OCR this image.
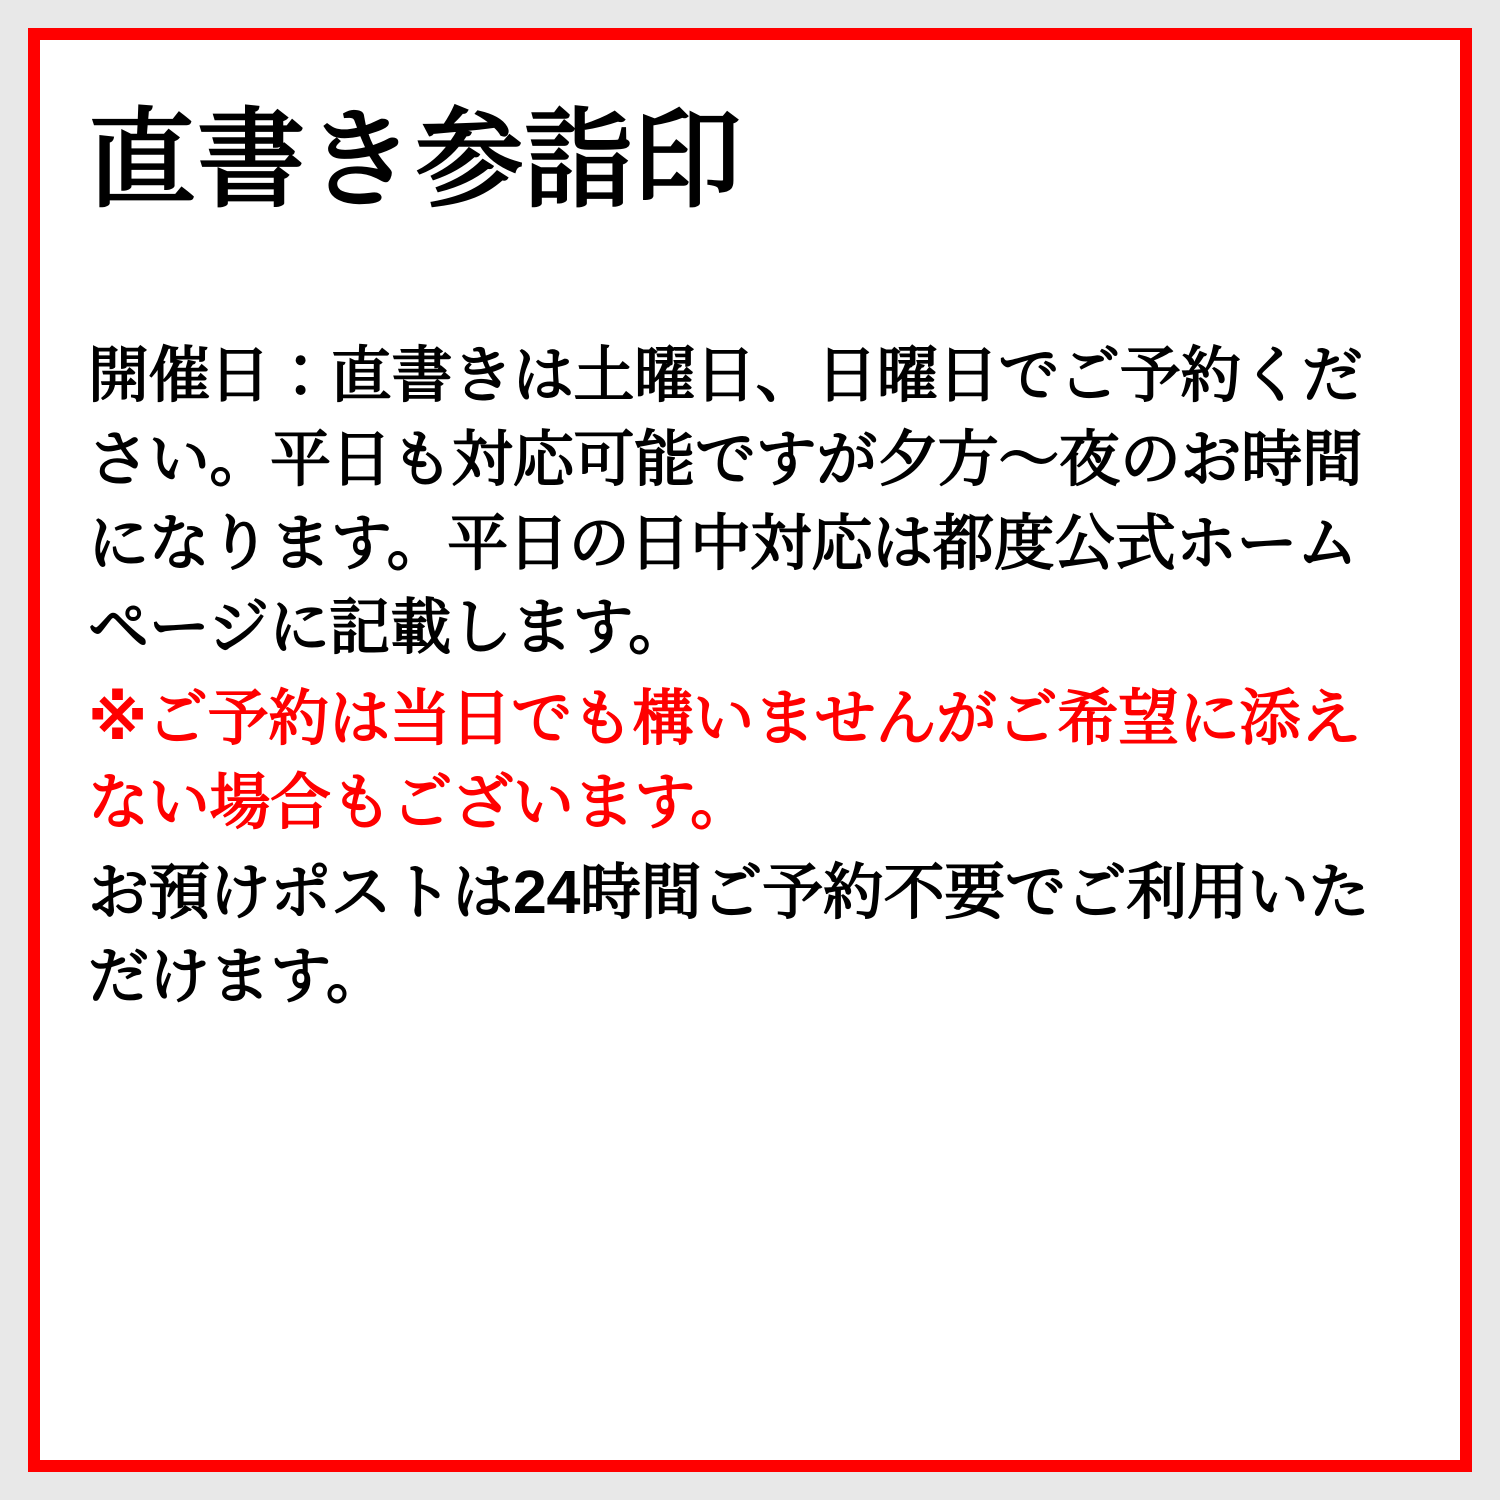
直書き参詣印

開催日：直書きは土曜日、日曜日でご予約ください。平日も対応可能ですが夕方〜夜のお時間になります。平日の日中対応は都度公式ホームページに記載します。

※ご予約は当日でも構いませんがご希望に添えない場合もございます。

お預けポストは24時間ご予約不要でご利用いただけます。
